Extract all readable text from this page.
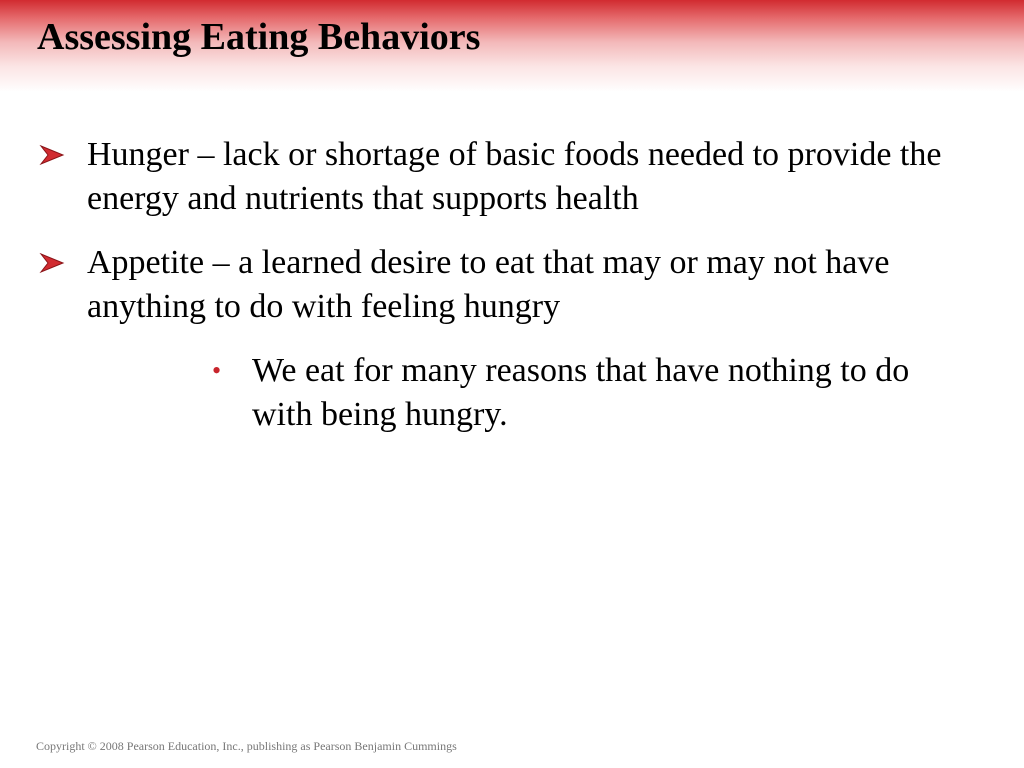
Assessing Eating Behaviors
Hunger – lack or shortage of basic foods needed to provide the energy and nutrients that supports health
Appetite – a learned desire to eat that may or may not have anything to do with feeling hungry
• We eat for many reasons that have nothing to do with being hungry.
Copyright © 2008 Pearson Education, Inc., publishing as Pearson Benjamin Cummings
